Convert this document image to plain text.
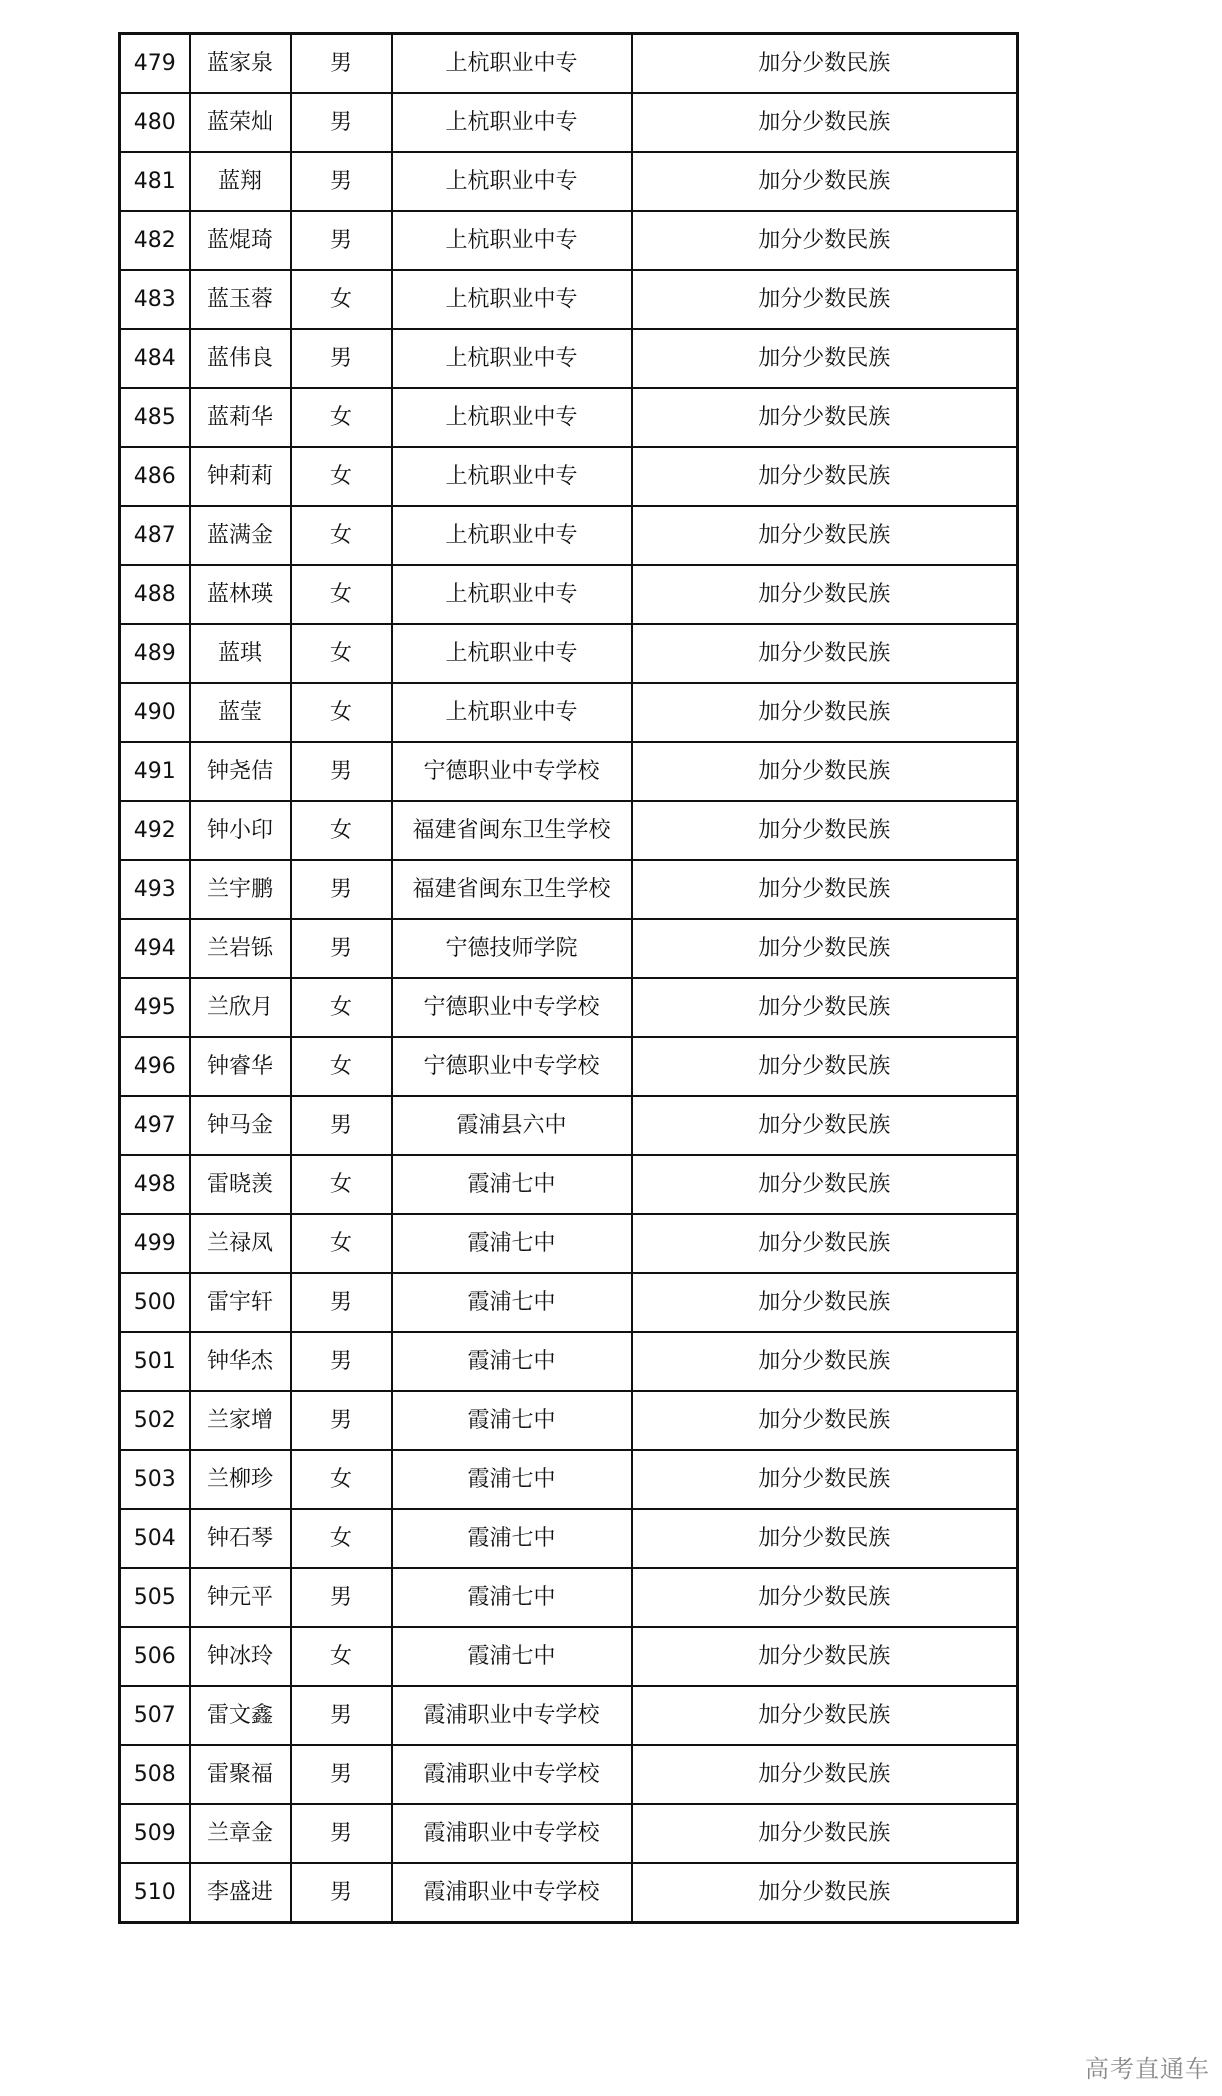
479	蓝家泉	男	上杭职业中专	加分少数民族
480	蓝荣灿	男	上杭职业中专	加分少数民族
481	蓝翔	男	上杭职业中专	加分少数民族
482	蓝焜琦	男	上杭职业中专	加分少数民族
483	蓝玉蓉	女	上杭职业中专	加分少数民族
484	蓝伟良	男	上杭职业中专	加分少数民族
485	蓝莉华	女	上杭职业中专	加分少数民族
486	钟莉莉	女	上杭职业中专	加分少数民族
487	蓝满金	女	上杭职业中专	加分少数民族
488	蓝林瑛	女	上杭职业中专	加分少数民族
489	蓝琪	女	上杭职业中专	加分少数民族
490	蓝莹	女	上杭职业中专	加分少数民族
491	钟尧佶	男	宁德职业中专学校	加分少数民族
492	钟小印	女	福建省闽东卫生学校	加分少数民族
493	兰宇鹏	男	福建省闽东卫生学校	加分少数民族
494	兰岩铄	男	宁德技师学院	加分少数民族
495	兰欣月	女	宁德职业中专学校	加分少数民族
496	钟睿华	女	宁德职业中专学校	加分少数民族
497	钟马金	男	霞浦县六中	加分少数民族
498	雷晓羡	女	霞浦七中	加分少数民族
499	兰禄凤	女	霞浦七中	加分少数民族
500	雷宇轩	男	霞浦七中	加分少数民族
501	钟华杰	男	霞浦七中	加分少数民族
502	兰家增	男	霞浦七中	加分少数民族
503	兰柳珍	女	霞浦七中	加分少数民族
504	钟石琴	女	霞浦七中	加分少数民族
505	钟元平	男	霞浦七中	加分少数民族
506	钟冰玲	女	霞浦七中	加分少数民族
507	雷文鑫	男	霞浦职业中专学校	加分少数民族
508	雷聚福	男	霞浦职业中专学校	加分少数民族
509	兰章金	男	霞浦职业中专学校	加分少数民族
510	李盛进	男	霞浦职业中专学校	加分少数民族
高考直通车
